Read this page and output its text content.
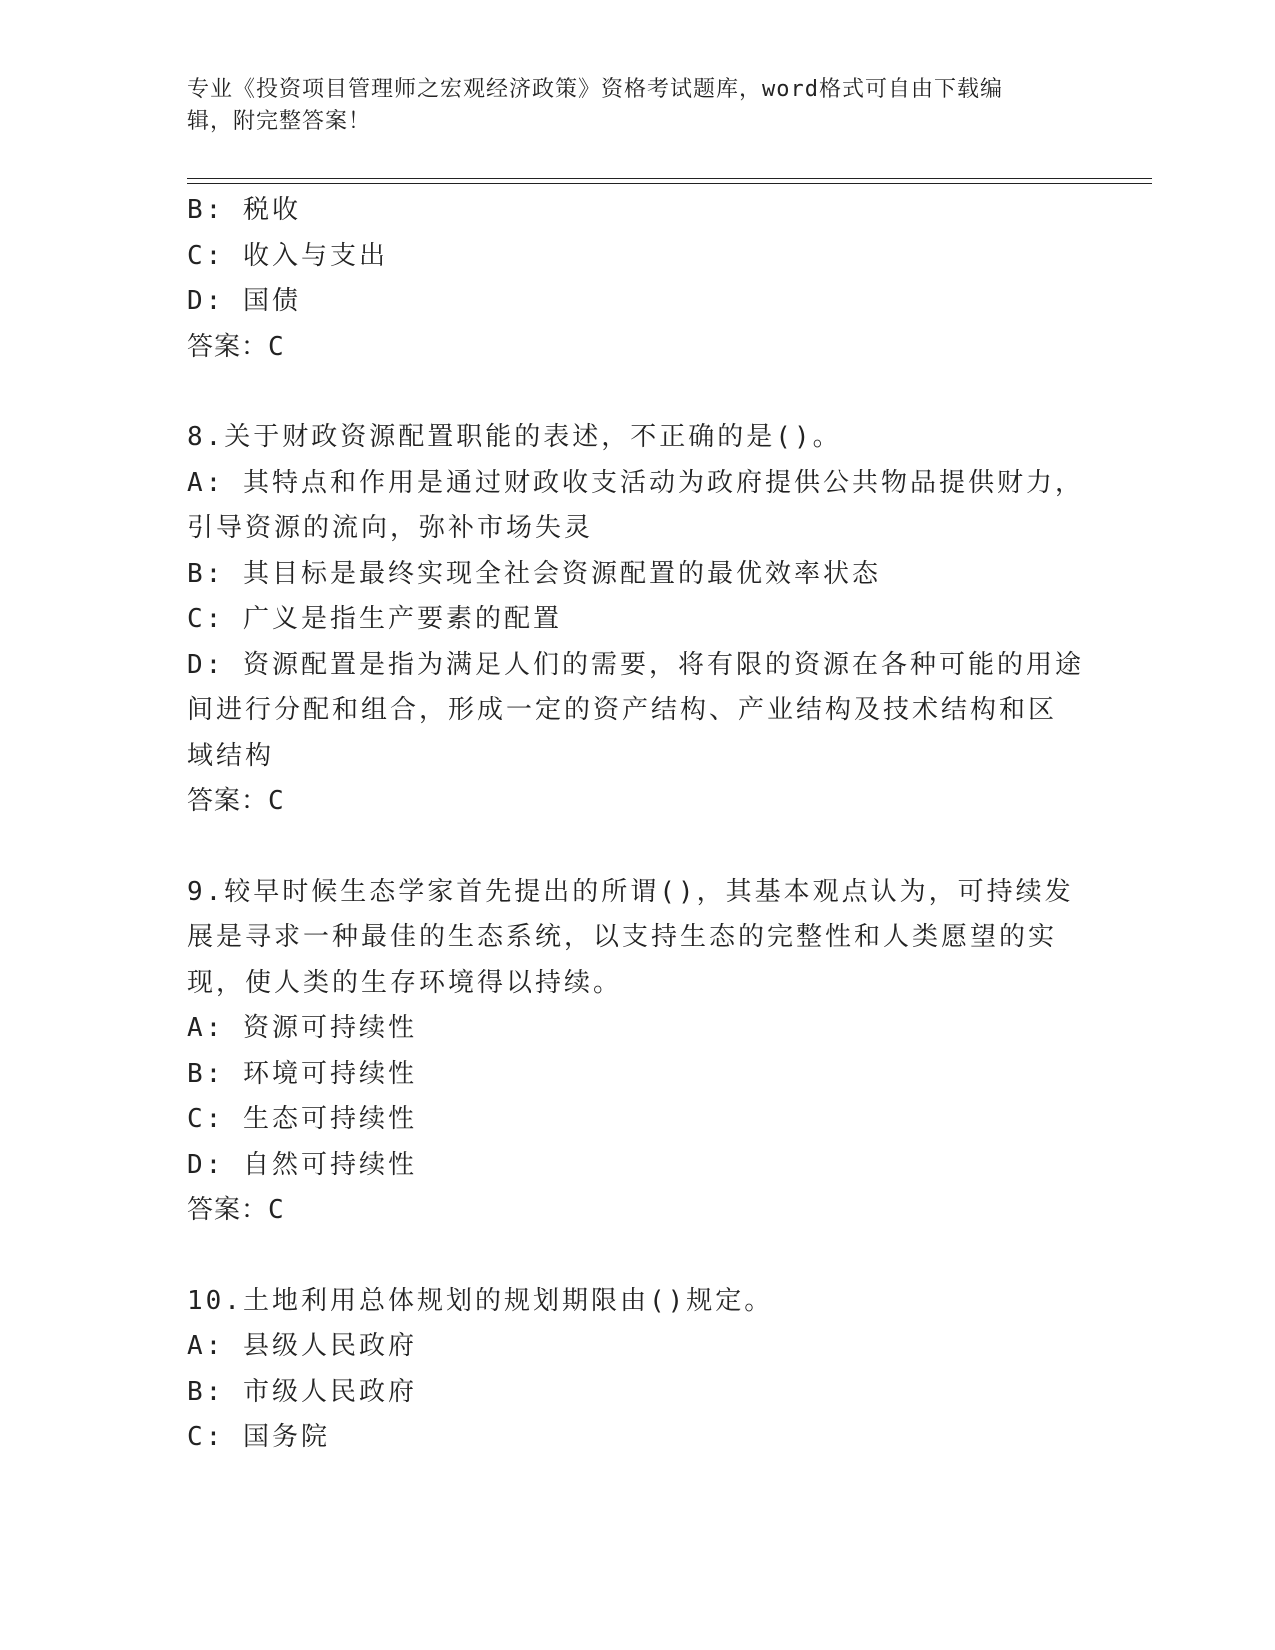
专业《投资项目管理师之宏观经济政策》资格考试题库，word格式可自由下载编
辑，附完整答案！
B: 税收
C: 收入与支出
D: 国债
答案：C
8.关于财政资源配置职能的表述，不正确的是()。
A: 其特点和作用是通过财政收支活动为政府提供公共物品提供财力，
引导资源的流向，弥补市场失灵
B: 其目标是最终实现全社会资源配置的最优效率状态
C: 广义是指生产要素的配置
D: 资源配置是指为满足人们的需要，将有限的资源在各种可能的用途
间进行分配和组合，形成一定的资产结构、产业结构及技术结构和区
域结构
答案：C
9.较早时候生态学家首先提出的所谓()，其基本观点认为，可持续发
展是寻求一种最佳的生态系统，以支持生态的完整性和人类愿望的实
现，使人类的生存环境得以持续。
A: 资源可持续性
B: 环境可持续性
C: 生态可持续性
D: 自然可持续性
答案：C
10.土地利用总体规划的规划期限由()规定。
A: 县级人民政府
B: 市级人民政府
C: 国务院
